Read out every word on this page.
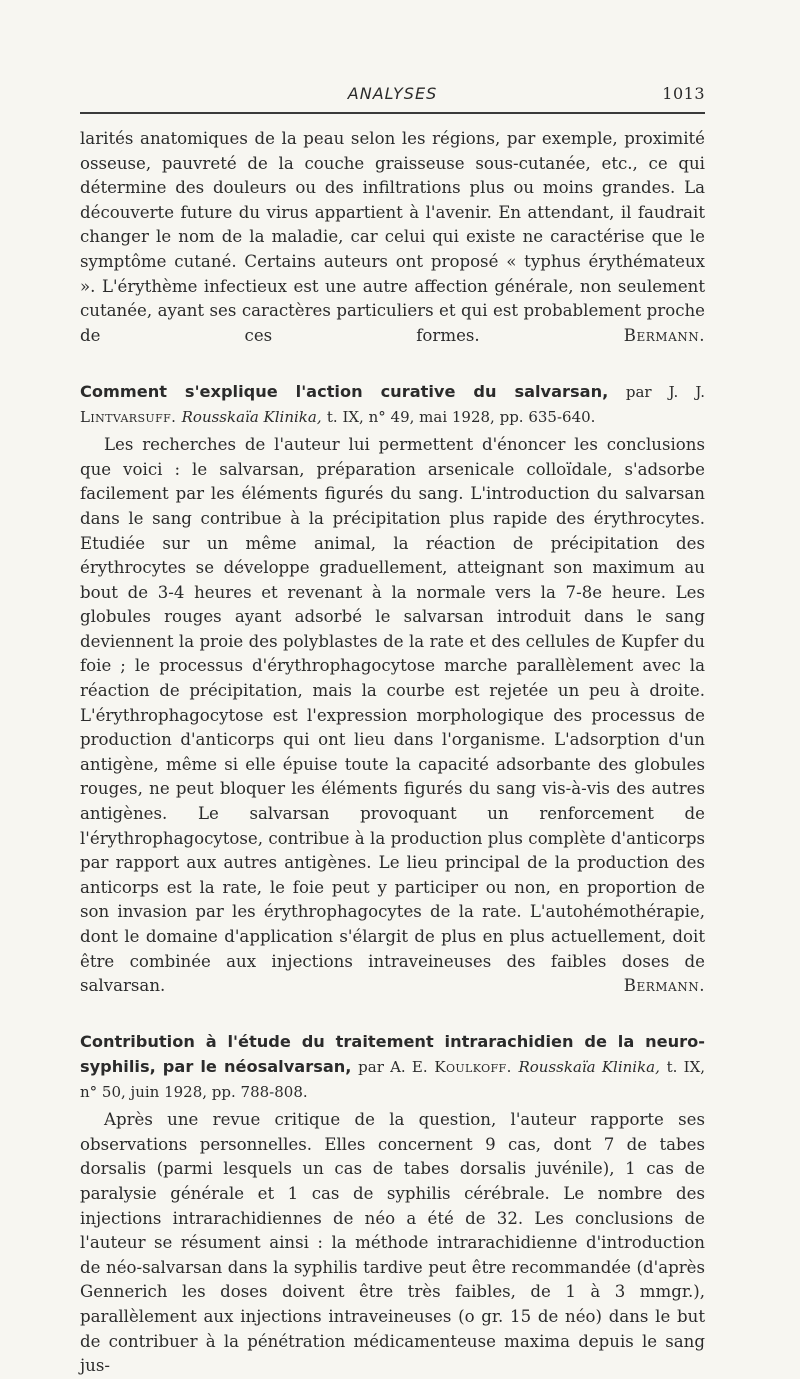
ANALYSES	1013

larités anatomiques de la peau selon les régions, par exemple, proximité osseuse, pauvreté de la couche graisseuse sous-cutanée, etc., ce qui détermine des douleurs ou des infiltrations plus ou moins grandes. La découverte future du virus appartient à l'avenir. En attendant, il faudrait changer le nom de la maladie, car celui qui existe ne caractérise que le symptôme cutané. Certains auteurs ont proposé « typhus érythémateux ». L'érythème infectieux est une autre affection générale, non seulement cutanée, ayant ses caractères particuliers et qui est probablement proche de ces formes.	Bermann.

Comment s'explique l'action curative du salvarsan, par J. J. Lintvarsuff. Rousskaïa Klinika, t. IX, n° 49, mai 1928, pp. 635-640.

Les recherches de l'auteur lui permettent d'énoncer les conclusions que voici : le salvarsan, préparation arsenicale colloïdale, s'adsorbe facilement par les éléments figurés du sang. L'introduction du salvarsan dans le sang contribue à la précipitation plus rapide des érythrocytes. Etudiée sur un même animal, la réaction de précipitation des érythrocytes se développe graduellement, atteignant son maximum au bout de 3-4 heures et revenant à la normale vers la 7-8e heure. Les globules rouges ayant adsorbé le salvarsan introduit dans le sang deviennent la proie des polyblastes de la rate et des cellules de Kupfer du foie ; le processus d'érythrophagocytose marche parallèlement avec la réaction de précipitation, mais la courbe est rejetée un peu à droite. L'érythrophagocytose est l'expression morphologique des processus de production d'anticorps qui ont lieu dans l'organisme. L'adsorption d'un antigène, même si elle épuise toute la capacité adsorbante des globules rouges, ne peut bloquer les éléments figurés du sang vis-à-vis des autres antigènes. Le salvarsan provoquant un renforcement de l'érythrophagocytose, contribue à la production plus complète d'anticorps par rapport aux autres antigènes. Le lieu principal de la production des anticorps est la rate, le foie peut y participer ou non, en proportion de son invasion par les érythrophagocytes de la rate. L'autohémothérapie, dont le domaine d'application s'élargit de plus en plus actuellement, doit être combinée aux injections intraveineuses des faibles doses de salvarsan.	Bermann.

Contribution à l'étude du traitement intrarachidien de la neuro-syphilis, par le néosalvarsan, par A. E. Koulkoff. Rousskaïa Klinika, t. IX, n° 50, juin 1928, pp. 788-808.

Après une revue critique de la question, l'auteur rapporte ses observations personnelles. Elles concernent 9 cas, dont 7 de tabes dorsalis (parmi lesquels un cas de tabes dorsalis juvénile), 1 cas de paralysie générale et 1 cas de syphilis cérébrale. Le nombre des injections intrarachidiennes de néo a été de 32. Les conclusions de l'auteur se résument ainsi : la méthode intrarachidienne d'introduction de néo-salvarsan dans la syphilis tardive peut être recommandée (d'après Gennerich les doses doivent être très faibles, de 1 à 3 mmgr.), parallèlement aux injections intraveineuses (o gr. 15 de néo) dans le but de contribuer à la pénétration médicamenteuse maxima depuis le sang jus-
